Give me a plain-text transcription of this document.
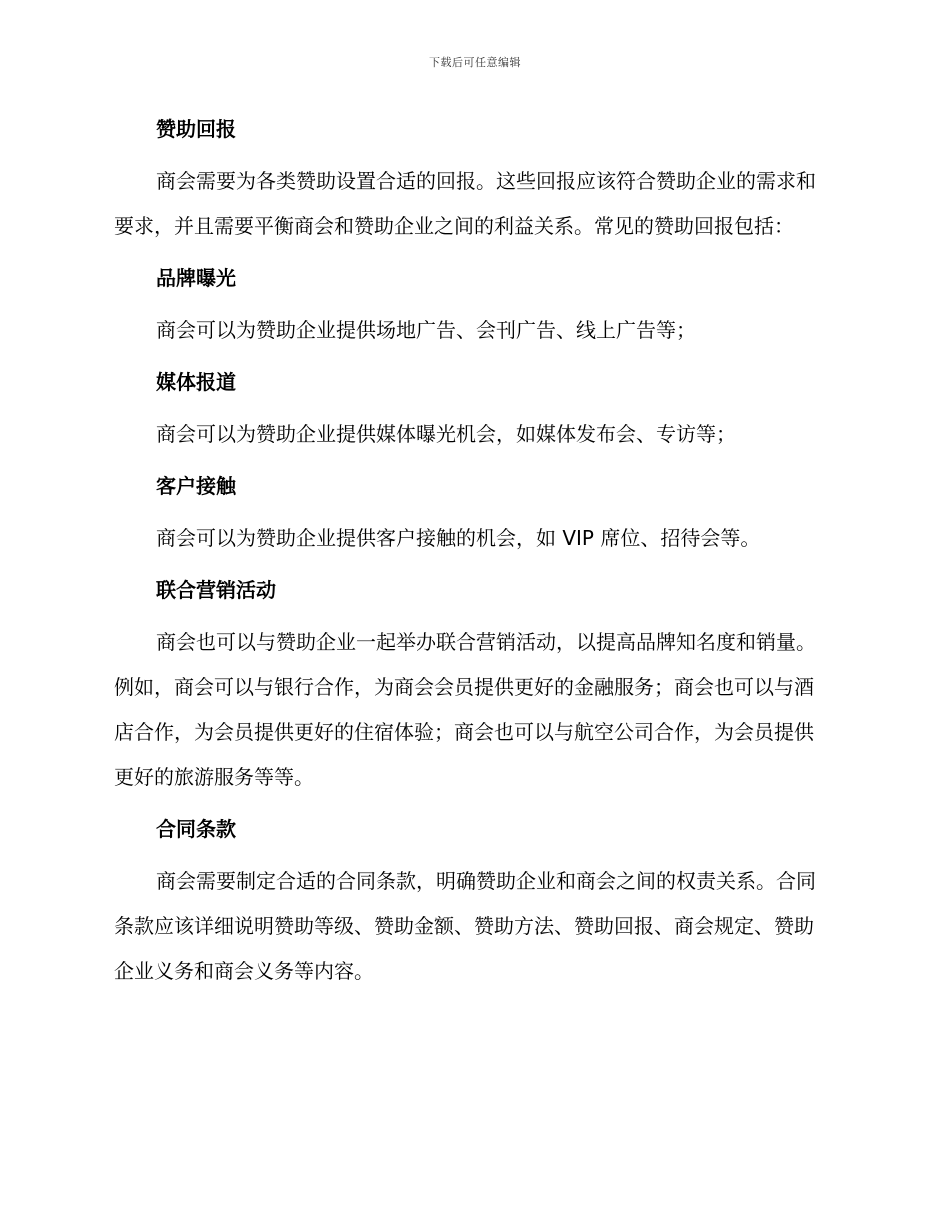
下载后可任意编辑
赞助回报

商会需要为各类赞助设置合适的回报。这些回报应该符合赞助企业的需求和要求，并且需要平衡商会和赞助企业之间的利益关系。常见的赞助回报包括：

品牌曝光

商会可以为赞助企业提供场地广告、会刊广告、线上广告等；

媒体报道

商会可以为赞助企业提供媒体曝光机会，如媒体发布会、专访等；

客户接触

商会可以为赞助企业提供客户接触的机会，如 VIP 席位、招待会等。

联合营销活动

商会也可以与赞助企业一起举办联合营销活动，以提高品牌知名度和销量。例如，商会可以与银行合作，为商会会员提供更好的金融服务；商会也可以与酒店合作，为会员提供更好的住宿体验；商会也可以与航空公司合作，为会员提供更好的旅游服务等等。

合同条款

商会需要制定合适的合同条款，明确赞助企业和商会之间的权责关系。合同条款应该详细说明赞助等级、赞助金额、赞助方法、赞助回报、商会规定、赞助企业义务和商会义务等内容。
